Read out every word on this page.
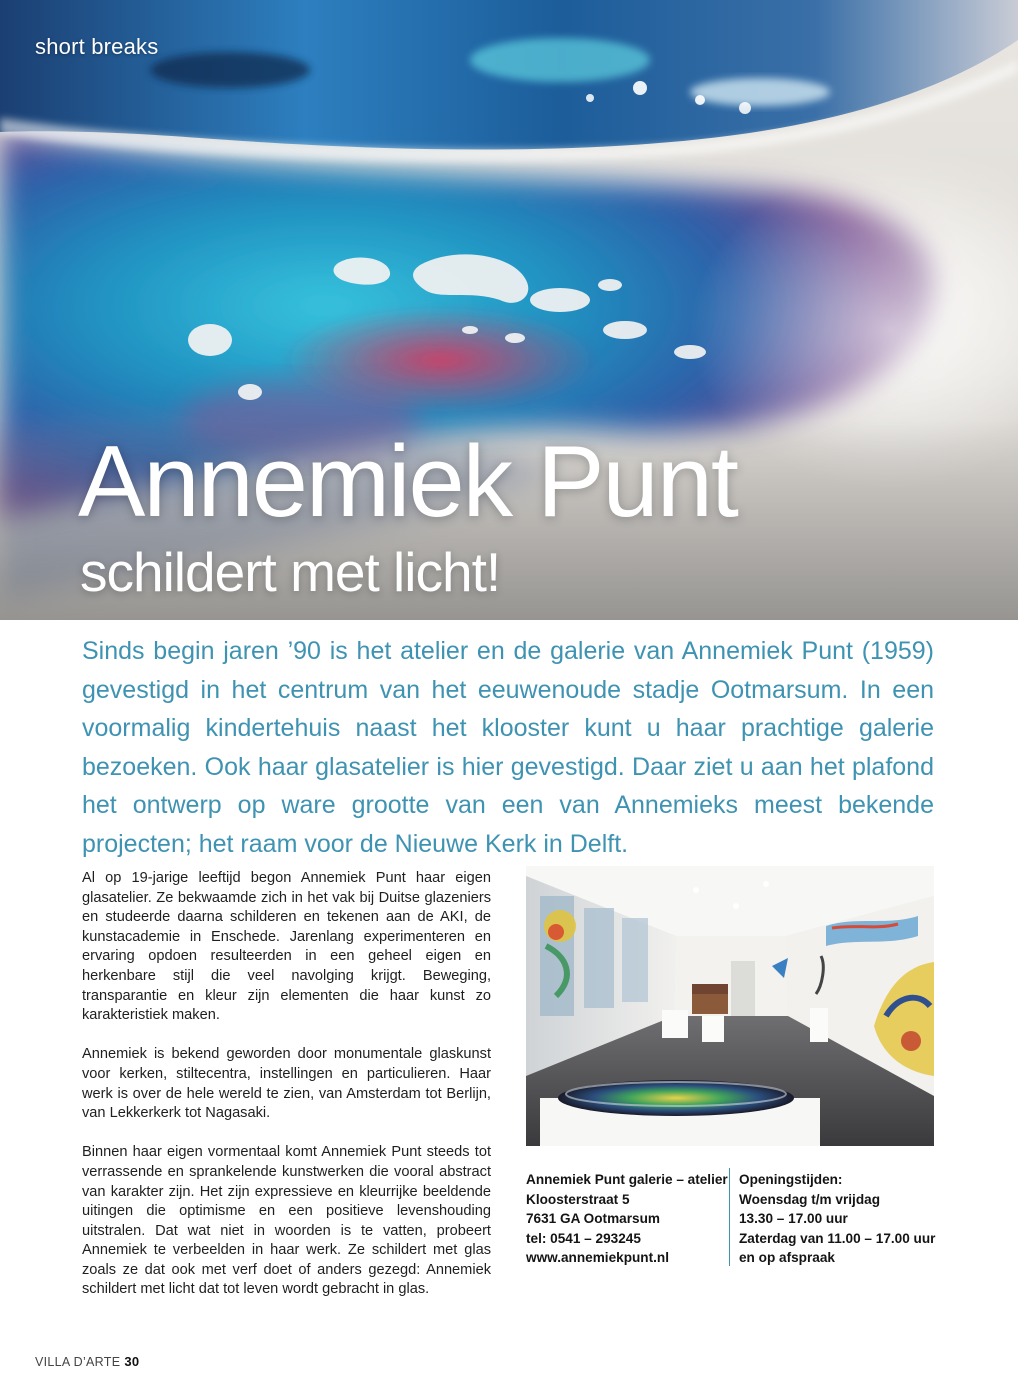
short breaks
Annemiek Punt
schildert met licht!

Sinds begin jaren ’90 is het atelier en de galerie van Annemiek Punt (1959) gevestigd in het centrum van het eeuwenoude stadje Ootmarsum. In een voormalig kindertehuis naast het klooster kunt u haar prachtige galerie bezoeken. Ook haar glasatelier is hier gevestigd. Daar ziet u aan het plafond het ontwerp op ware grootte van een van Annemieks meest bekende projecten; het raam voor de Nieuwe Kerk in Delft.

Al op 19-jarige leeftijd begon Annemiek Punt haar eigen glasatelier. Ze bekwaamde zich in het vak bij Duitse glazeniers en studeerde daarna schilderen en tekenen aan de AKI, de kunstacademie in Enschede. Jarenlang experimenteren en ervaring opdoen resulteerden in een geheel eigen en herkenbare stijl die veel navolging krijgt. Beweging, transparantie en kleur zijn elementen die haar kunst zo karakteristiek maken.

Annemiek is bekend geworden door monumentale glaskunst voor kerken, stiltecentra, instellingen en particulieren. Haar werk is over de hele wereld te zien, van Amsterdam tot Berlijn, van Lekkerkerk tot Nagasaki.

Binnen haar eigen vormentaal komt Annemiek Punt steeds tot verrassende en sprankelende kunstwerken die vooral abstract van karakter zijn. Het zijn expressieve en kleurrijke beeldende uitingen die optimisme en een positieve levenshouding uitstralen. Dat wat niet in woorden is te vatten, probeert Annemiek te verbeelden in haar werk. Ze schildert met glas zoals ze dat ook met verf doet of anders gezegd: Annemiek schildert met licht dat tot leven wordt gebracht in glas.

Annemiek Punt galerie – atelier
Kloosterstraat 5
7631 GA Ootmarsum
tel: 0541 – 293245
www.annemiekpunt.nl
Openingstijden:
Woensdag t/m vrijdag
13.30 – 17.00 uur
Zaterdag van 11.00 – 17.00 uur
en op afspraak
VILLA D’ARTE 30
